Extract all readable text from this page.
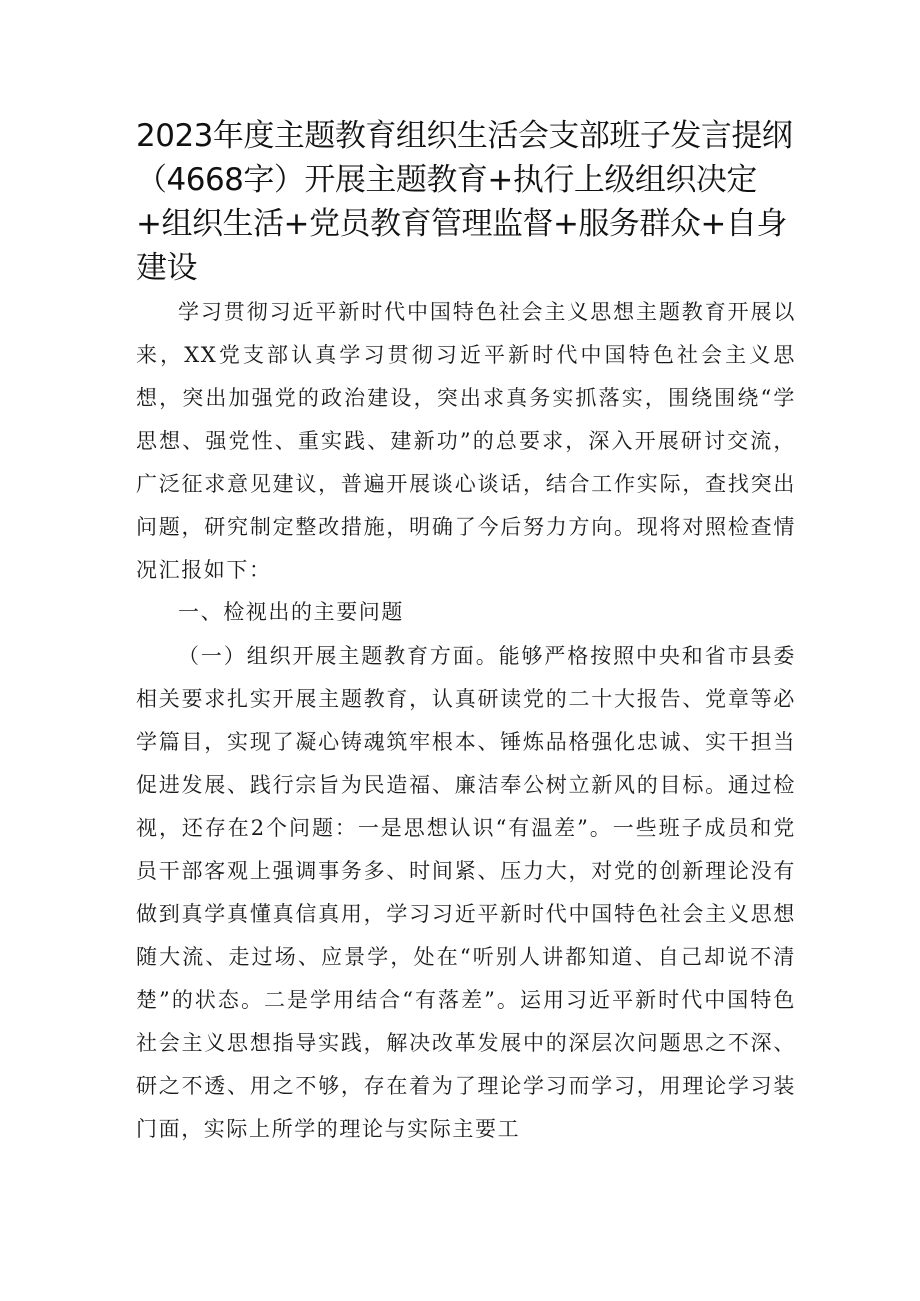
2023年度主题教育组织生活会支部班子发言提纲（4668字）开展主题教育+执行上级组织决定+组织生活+党员教育管理监督+服务群众+自身建设

学习贯彻习近平新时代中国特色社会主义思想主题教育开展以来，XX党支部认真学习贯彻习近平新时代中国特色社会主义思想，突出加强党的政治建设，突出求真务实抓落实，围绕围绕“学思想、强党性、重实践、建新功”的总要求，深入开展研讨交流，广泛征求意见建议，普遍开展谈心谈话，结合工作实际，查找突出问题，研究制定整改措施，明确了今后努力方向。现将对照检查情况汇报如下：

一、检视出的主要问题

（一）组织开展主题教育方面。能够严格按照中央和省市县委相关要求扎实开展主题教育，认真研读党的二十大报告、党章等必学篇目，实现了凝心铸魂筑牢根本、锤炼品格强化忠诚、实干担当促进发展、践行宗旨为民造福、廉洁奉公树立新风的目标。通过检视，还存在2个问题：一是思想认识“有温差”。一些班子成员和党员干部客观上强调事务多、时间紧、压力大，对党的创新理论没有做到真学真懂真信真用，学习习近平新时代中国特色社会主义思想随大流、走过场、应景学，处在“听别人讲都知道、自己却说不清楚”的状态。二是学用结合“有落差”。运用习近平新时代中国特色社会主义思想指导实践，解决改革发展中的深层次问题思之不深、研之不透、用之不够，存在着为了理论学习而学习，用理论学习装门面，实际上所学的理论与实际主要工
